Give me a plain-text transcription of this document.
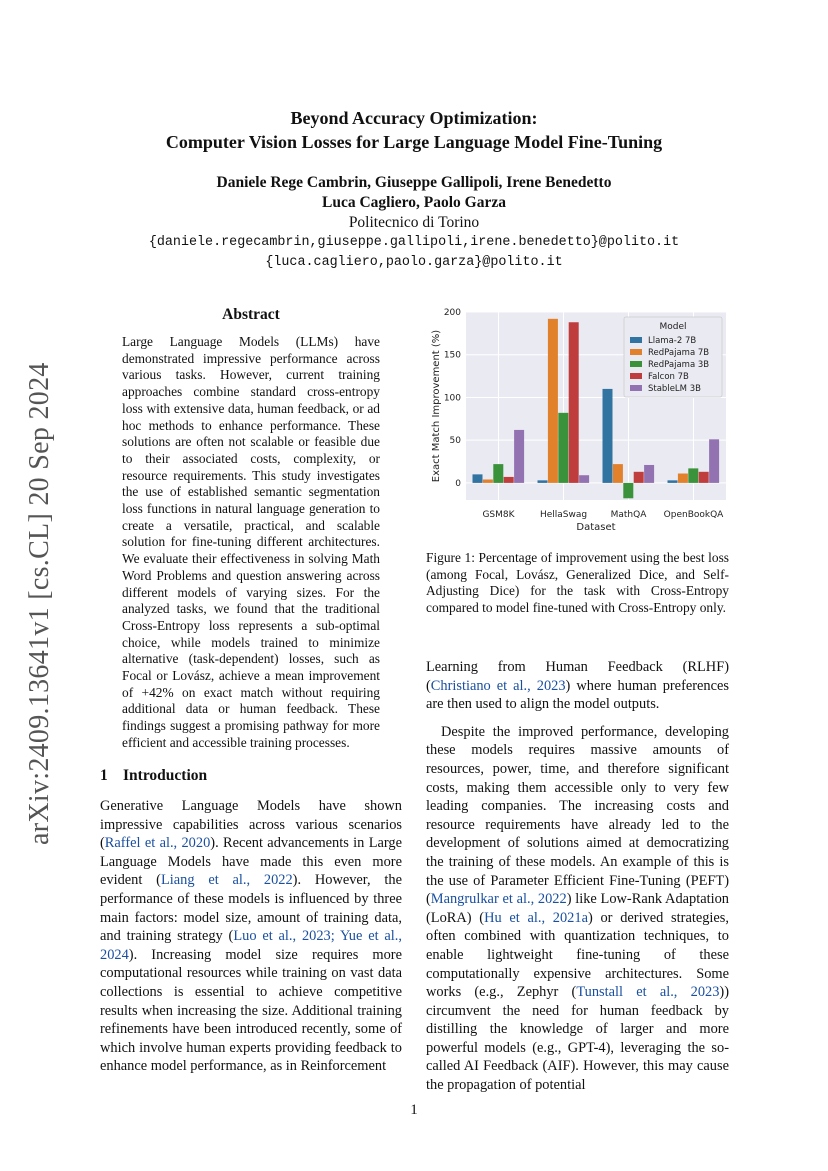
Beyond Accuracy Optimization:
Computer Vision Losses for Large Language Model Fine-Tuning
Daniele Rege Cambrin, Giuseppe Gallipoli, Irene Benedetto
Luca Cagliero, Paolo Garza
Politecnico di Torino
{daniele.regecambrin,giuseppe.gallipoli,irene.benedetto}@polito.it
{luca.cagliero,paolo.garza}@polito.it
arXiv:2409.13641v1 [cs.CL] 20 Sep 2024
Abstract

Large Language Models (LLMs) have demonstrated impressive performance across various tasks. However, current training approaches combine standard cross-entropy loss with extensive data, human feedback, or ad hoc methods to enhance performance. These solutions are often not scalable or feasible due to their associated costs, complexity, or resource requirements. This study investigates the use of established semantic segmentation loss functions in natural language generation to create a versatile, practical, and scalable solution for fine-tuning different architectures. We evaluate their effectiveness in solving Math Word Problems and question answering across different models of varying sizes. For the analyzed tasks, we found that the traditional Cross-Entropy loss represents a sub-optimal choice, while models trained to minimize alternative (task-dependent) losses, such as Focal or Lovász, achieve a mean improvement of +42% on exact match without requiring additional data or human feedback. These findings suggest a promising pathway for more efficient and accessible training processes.

1 Introduction

Generative Language Models have shown impressive capabilities across various scenarios (Raffel et al., 2020). Recent advancements in Large Language Models have made this even more evident (Liang et al., 2022). However, the performance of these models is influenced by three main factors: model size, amount of training data, and training strategy (Luo et al., 2023; Yue et al., 2024). Increasing model size requires more computational resources while training on vast data collections is essential to achieve competitive results when increasing the size. Additional training refinements have been introduced recently, some of which involve human experts providing feedback to enhance model performance, as in Reinforcement

0
50
100
150
200
GSM8K	HellaSwag	MathQA OpenBookQA
Dataset
Exact Match Improvement (%)
Model
Llama-2 7B
RedPajama 7B
RedPajama 3B
Falcon 7B
StableLM 3B

Figure 1: Percentage of improvement using the best loss (among Focal, Lovász, Generalized Dice, and Self-Adjusting Dice) for the task with Cross-Entropy compared to model fine-tuned with Cross-Entropy only.

Learning from Human Feedback (RLHF) (Christiano et al., 2023) where human preferences are then used to align the model outputs.

Despite the improved performance, developing these models requires massive amounts of resources, power, time, and therefore significant costs, making them accessible only to very few leading companies. The increasing costs and resource requirements have already led to the development of solutions aimed at democratizing the training of these models. An example of this is the use of Parameter Efficient Fine-Tuning (PEFT) (Mangrulkar et al., 2022) like Low-Rank Adaptation (LoRA) (Hu et al., 2021a) or derived strategies, often combined with quantization techniques, to enable lightweight fine-tuning of these computationally expensive architectures. Some works (e.g., Zephyr (Tunstall et al., 2023)) circumvent the need for human feedback by distilling the knowledge of larger and more powerful models (e.g., GPT-4), leveraging the so-called AI Feedback (AIF). However, this may cause the propagation of potential

1
